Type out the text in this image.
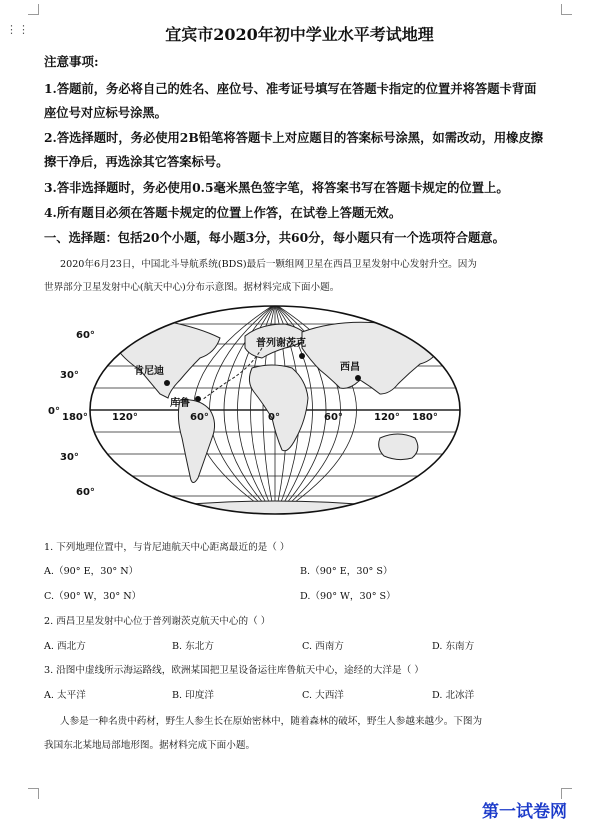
⋮⋮	宜宾市2020年初中学业水平考试地理
注意事项:
1.答题前，务必将自己的姓名、座位号、准考证号填写在答题卡指定的位置并将答题卡背面
座位号对应标号涂黑。
2.答选择题时，务必使用2B铅笔将答题卡上对应题目的答案标号涂黑，如需改动，用橡皮擦
擦干净后，再选涂其它答案标号。
3.答非选择题时，务必使用0.5毫米黑色签字笔，将答案书写在答题卡规定的位置上。
4.所有题目必须在答题卡规定的位置上作答，在试卷上答题无效。
一、选择题：包括20个小题，每小题3分，共60分，每小题只有一个选项符合题意。
2020年6月23日，中国北斗导航系统(BDS)最后一颗组网卫星在西昌卫星发射中心发射升空。因为
世界部分卫星发射中心(航天中心)分布示意图。据材料完成下面小题。
60°
30°
0°
30°
60°
180° 120°	60°	0°	60°	120° 180°
肯尼迪
库鲁
普列谢茨克
西昌
1. 下列地理位置中，与肯尼迪航天中心距离最近的是（ ）
A.（90° E，30° N）	B.（90° E，30° S）
C.（90° W，30° N）	D.（90° W，30° S）
2. 西昌卫星发射中心位于普列谢茨克航天中心的（ ）
A. 西北方	B. 东北方	C. 西南方	D. 东南方
3. 沿图中虚线所示海运路线，欧洲某国把卫星设备运往库鲁航天中心，途经的大洋是（ ）
A. 太平洋	B. 印度洋	C. 大西洋	D. 北冰洋
人参是一种名贵中药材，野生人参生长在原始密林中，随着森林的破坏，野生人参越来越少。下图为
我国东北某地局部地形图。据材料完成下面小题。
第一试卷网
